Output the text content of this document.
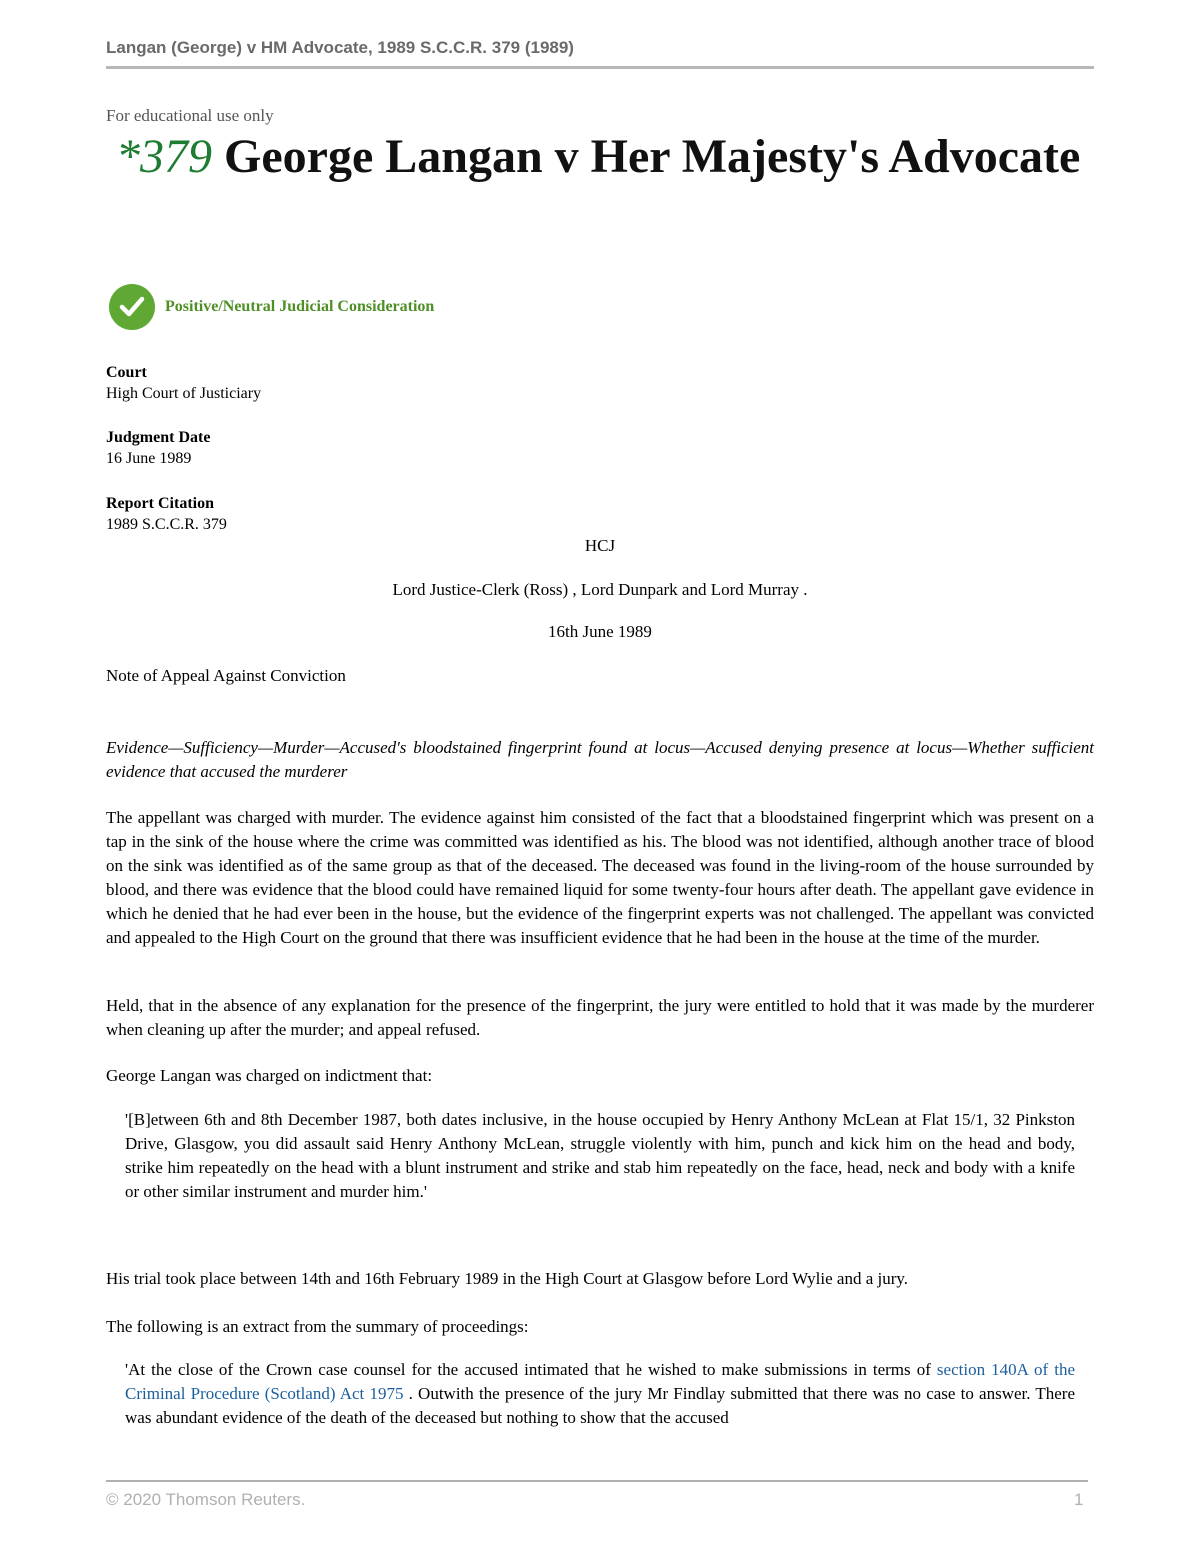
Langan (George) v HM Advocate, 1989 S.C.C.R. 379 (1989)

For educational use only

*379 George Langan v Her Majesty's Advocate
Positive/Neutral Judicial Consideration
Court
High Court of Justiciary
Judgment Date
16 June 1989
Report Citation
1989 S.C.C.R. 379

HCJ

Lord Justice-Clerk (Ross) , Lord Dunpark and Lord Murray .

16th June 1989

Note of Appeal Against Conviction

Evidence—Sufficiency—Murder—Accused's bloodstained fingerprint found at locus—Accused denying presence at locus—Whether sufficient evidence that accused the murderer

The appellant was charged with murder. The evidence against him consisted of the fact that a bloodstained fingerprint which was present on a tap in the sink of the house where the crime was committed was identified as his. The blood was not identified, although another trace of blood on the sink was identified as of the same group as that of the deceased. The deceased was found in the living-room of the house surrounded by blood, and there was evidence that the blood could have remained liquid for some twenty-four hours after death. The appellant gave evidence in which he denied that he had ever been in the house, but the evidence of the fingerprint experts was not challenged. The appellant was convicted and appealed to the High Court on the ground that there was insufficient evidence that he had been in the house at the time of the murder.

Held, that in the absence of any explanation for the presence of the fingerprint, the jury were entitled to hold that it was made by the murderer when cleaning up after the murder; and appeal refused.

George Langan was charged on indictment that:

'[B]etween 6th and 8th December 1987, both dates inclusive, in the house occupied by Henry Anthony McLean at Flat 15/1, 32 Pinkston Drive, Glasgow, you did assault said Henry Anthony McLean, struggle violently with him, punch and kick him on the head and body, strike him repeatedly on the head with a blunt instrument and strike and stab him repeatedly on the face, head, neck and body with a knife or other similar instrument and murder him.'

His trial took place between 14th and 16th February 1989 in the High Court at Glasgow before Lord Wylie and a jury.

The following is an extract from the summary of proceedings:

'At the close of the Crown case counsel for the accused intimated that he wished to make submissions in terms of section 140A of the Criminal Procedure (Scotland) Act 1975 . Outwith the presence of the jury Mr Findlay submitted that there was no case to answer. There was abundant evidence of the death of the deceased but nothing to show that the accused

© 2020 Thomson Reuters.	1
